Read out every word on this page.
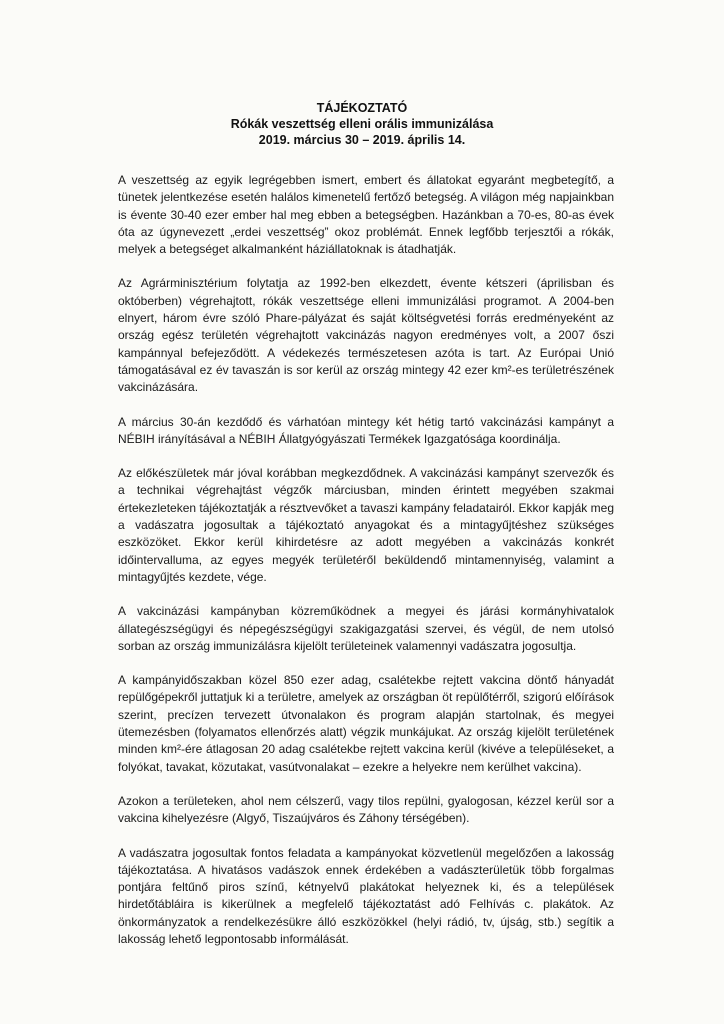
TÁJÉKOZTATÓ
Rókák veszettség elleni orális immunizálása
2019. március 30 – 2019. április 14.

A veszettség az egyik legrégebben ismert, embert és állatokat egyaránt megbetegítő, a tünetek jelentkezése esetén halálos kimenetelű fertőző betegség. A világon még napjainkban is évente 30-40 ezer ember hal meg ebben a betegségben. Hazánkban a 70-es, 80-as évek óta az úgynevezett „erdei veszettség” okoz problémát. Ennek legfőbb terjesztői a rókák, melyek a betegséget alkalmanként háziállatoknak is átadhatják.

Az Agrárminisztérium folytatja az 1992-ben elkezdett, évente kétszeri (áprilisban és októberben) végrehajtott, rókák veszettsége elleni immunizálási programot. A 2004-ben elnyert, három évre szóló Phare-pályázat és saját költségvetési forrás eredményeként az ország egész területén végrehajtott vakcinázás nagyon eredményes volt, a 2007 őszi kampánnyal befejeződött. A védekezés természetesen azóta is tart. Az Európai Unió támogatásával ez év tavaszán is sor kerül az ország mintegy 42 ezer km²-es területrészének vakcinázására.

A március 30-án kezdődő és várhatóan mintegy két hétig tartó vakcinázási kampányt a NÉBIH irányításával a NÉBIH Állatgyógyászati Termékek Igazgatósága koordinálja.

Az előkészületek már jóval korábban megkezdődnek. A vakcinázási kampányt szervezők és a technikai végrehajtást végzők márciusban, minden érintett megyében szakmai értekezleteken tájékoztatják a résztvevőket a tavaszi kampány feladatairól. Ekkor kapják meg a vadászatra jogosultak a tájékoztató anyagokat és a mintagyűjtéshez szükséges eszközöket. Ekkor kerül kihirdetésre az adott megyében a vakcinázás konkrét időintervalluma, az egyes megyék területéről beküldendő mintamennyiség, valamint a mintagyűjtés kezdete, vége.

A vakcinázási kampányban közreműködnek a megyei és járási kormányhivatalok állategészségügyi és népegészségügyi szakigazgatási szervei, és végül, de nem utolsó sorban az ország immunizálásra kijelölt területeinek valamennyi vadászatra jogosultja.

A kampányidőszakban közel 850 ezer adag, csalétekbe rejtett vakcina döntő hányadát repülőgépekről juttatjuk ki a területre, amelyek az országban öt repülőtérről, szigorú előírások szerint, precízen tervezett útvonalakon és program alapján startolnak, és megyei ütemezésben (folyamatos ellenőrzés alatt) végzik munkájukat. Az ország kijelölt területének minden km²-ére átlagosan 20 adag csalétekbe rejtett vakcina kerül (kivéve a településeket, a folyókat, tavakat, közutakat, vasútvonalakat – ezekre a helyekre nem kerülhet vakcina).

Azokon a területeken, ahol nem célszerű, vagy tilos repülni, gyalogosan, kézzel kerül sor a vakcina kihelyezésre (Algyő, Tiszaújváros és Záhony térségében).

A vadászatra jogosultak fontos feladata a kampányokat közvetlenül megelőzően a lakosság tájékoztatása. A hivatásos vadászok ennek érdekében a vadászterületük több forgalmas pontjára feltűnő piros színű, kétnyelvű plakátokat helyeznek ki, és a települések hirdetőtábláira is kikerülnek a megfelelő tájékoztatást adó Felhívás c. plakátok. Az önkormányzatok a rendelkezésükre álló eszközökkel (helyi rádió, tv, újság, stb.) segítik a lakosság lehető legpontosabb informálását.
